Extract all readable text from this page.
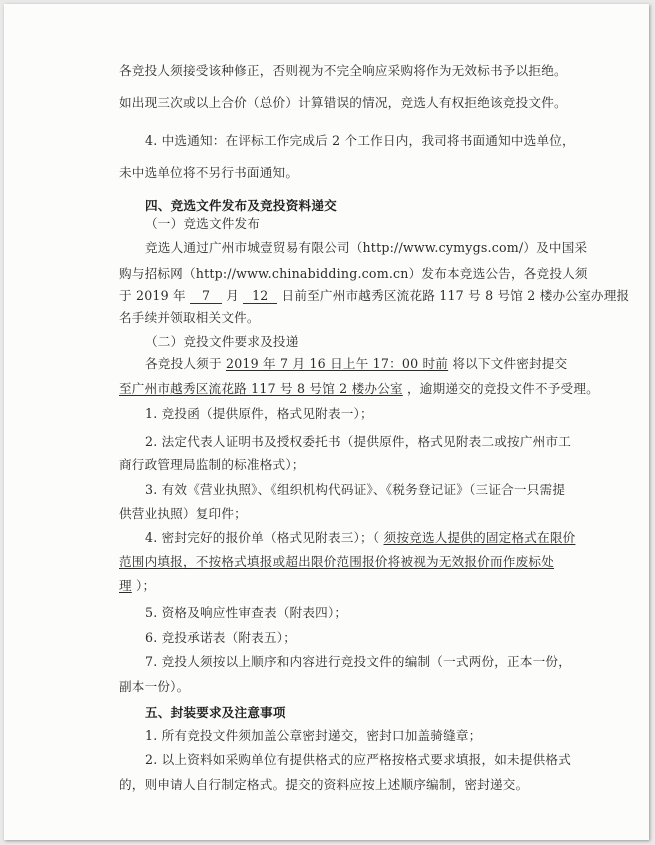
各竞投人须接受该种修正，否则视为不完全响应采购将作为无效标书予以拒绝。
如出现三次或以上合价（总价）计算错误的情况，竞选人有权拒绝该竞投文件。
4. 中选通知：在评标工作完成后 2 个工作日内，我司将书面通知中选单位，
未中选单位将不另行书面通知。
四、竞选文件发布及竞投资料递交
（一）竞选文件发布
竞选人通过广州市城壹贸易有限公司（http://www.cymygs.com/）及中国采
购与招标网（http://www.chinabidding.com.cn）发布本竞选公告，各竞投人须
于 2019 年 7 月 12 日前至广州市越秀区流花路 117 号 8 号馆 2 楼办公室办理报
名手续并领取相关文件。
（二）竞投文件要求及投递
各竞投人须于 2019 年 7 月 16 日上午 17：00 时前 将以下文件密封提交
至广州市越秀区流花路 117 号 8 号馆 2 楼办公室 ，逾期递交的竞投文件不予受理。
1. 竞投函（提供原件，格式见附表一）；
2. 法定代表人证明书及授权委托书（提供原件，格式见附表二或按广州市工
商行政管理局监制的标准格式）；
3. 有效《营业执照》、《组织机构代码证》、《税务登记证》（三证合一只需提
供营业执照）复印件；
4. 密封完好的报价单（格式见附表三）；（ 须按竞选人提供的固定格式在限价
范围内填报，不按格式填报或超出限价范围报价将被视为无效报价而作废标处
理 ）；
5. 资格及响应性审查表（附表四）；
6. 竞投承诺表（附表五）；
7. 竞投人须按以上顺序和内容进行竞投文件的编制（一式两份，正本一份，
副本一份）。
五、封装要求及注意事项
1. 所有竞投文件须加盖公章密封递交，密封口加盖骑缝章；
2. 以上资料如采购单位有提供格式的应严格按格式要求填报，如未提供格式
的，则申请人自行制定格式。提交的资料应按上述顺序编制，密封递交。
